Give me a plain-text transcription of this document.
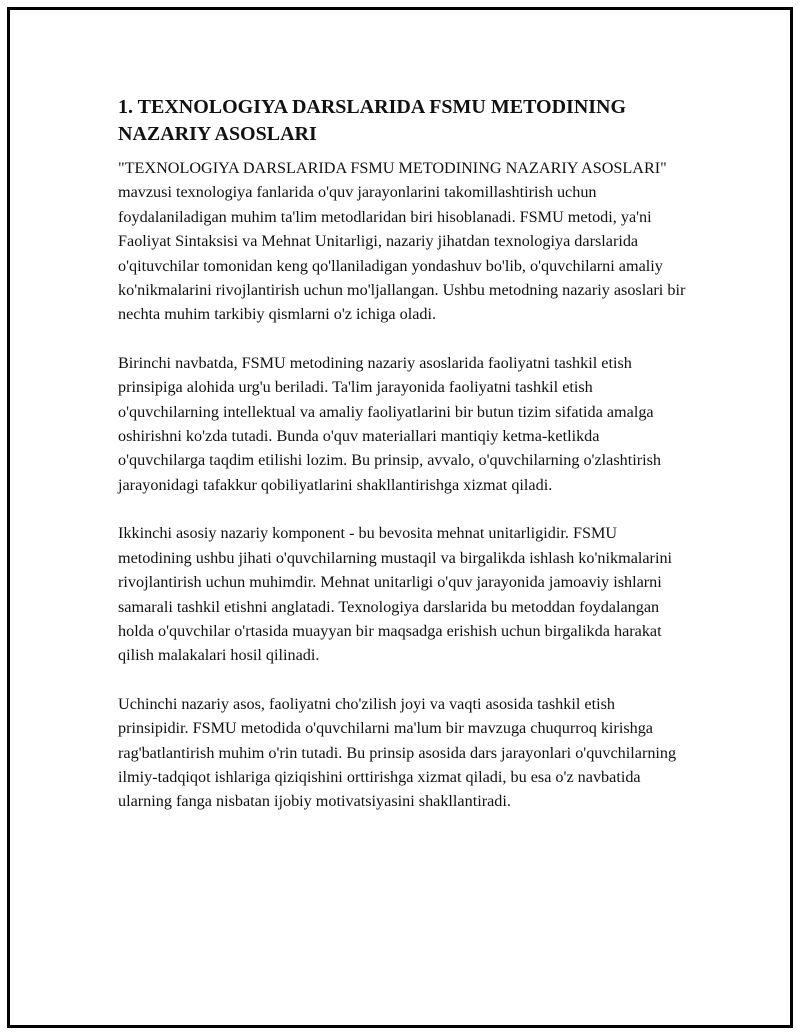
1. TEXNOLOGIYA DARSLARIDA FSMU METODINING NAZARIY ASOSLARI

"TEXNOLOGIYA DARSLARIDA FSMU METODINING NAZARIY ASOSLARI" mavzusi texnologiya fanlarida o'quv jarayonlarini takomillashtirish uchun foydalaniladigan muhim ta'lim metodlaridan biri hisoblanadi. FSMU metodi, ya'ni Faoliyat Sintaksisi va Mehnat Unitarligi, nazariy jihatdan texnologiya darslarida o'qituvchilar tomonidan keng qo'llaniladigan yondashuv bo'lib, o'quvchilarni amaliy ko'nikmalarini rivojlantirish uchun mo'ljallangan. Ushbu metodning nazariy asoslari bir nechta muhim tarkibiy qismlarni o'z ichiga oladi.

Birinchi navbatda, FSMU metodining nazariy asoslarida faoliyatni tashkil etish prinsipiga alohida urg'u beriladi. Ta'lim jarayonida faoliyatni tashkil etish o'quvchilarning intellektual va amaliy faoliyatlarini bir butun tizim sifatida amalga oshirishni ko'zda tutadi. Bunda o'quv materiallari mantiqiy ketma-ketlikda o'quvchilarga taqdim etilishi lozim. Bu prinsip, avvalo, o'quvchilarning o'zlashtirish jarayonidagi tafakkur qobiliyatlarini shakllantirishga xizmat qiladi.

Ikkinchi asosiy nazariy komponent - bu bevosita mehnat unitarligidir. FSMU metodining ushbu jihati o'quvchilarning mustaqil va birgalikda ishlash ko'nikmalarini rivojlantirish uchun muhimdir. Mehnat unitarligi o'quv jarayonida jamoaviy ishlarni samarali tashkil etishni anglatadi. Texnologiya darslarida bu metoddan foydalangan holda o'quvchilar o'rtasida muayyan bir maqsadga erishish uchun birgalikda harakat qilish malakalari hosil qilinadi.

Uchinchi nazariy asos, faoliyatni cho'zilish joyi va vaqti asosida tashkil etish prinsipidir. FSMU metodida o'quvchilarni ma'lum bir mavzuga chuqurroq kirishga rag'batlantirish muhim o'rin tutadi. Bu prinsip asosida dars jarayonlari o'quvchilarning ilmiy-tadqiqot ishlariga qiziqishini orttirishga xizmat qiladi, bu esa o'z navbatida ularning fanga nisbatan ijobiy motivatsiyasini shakllantiradi.
